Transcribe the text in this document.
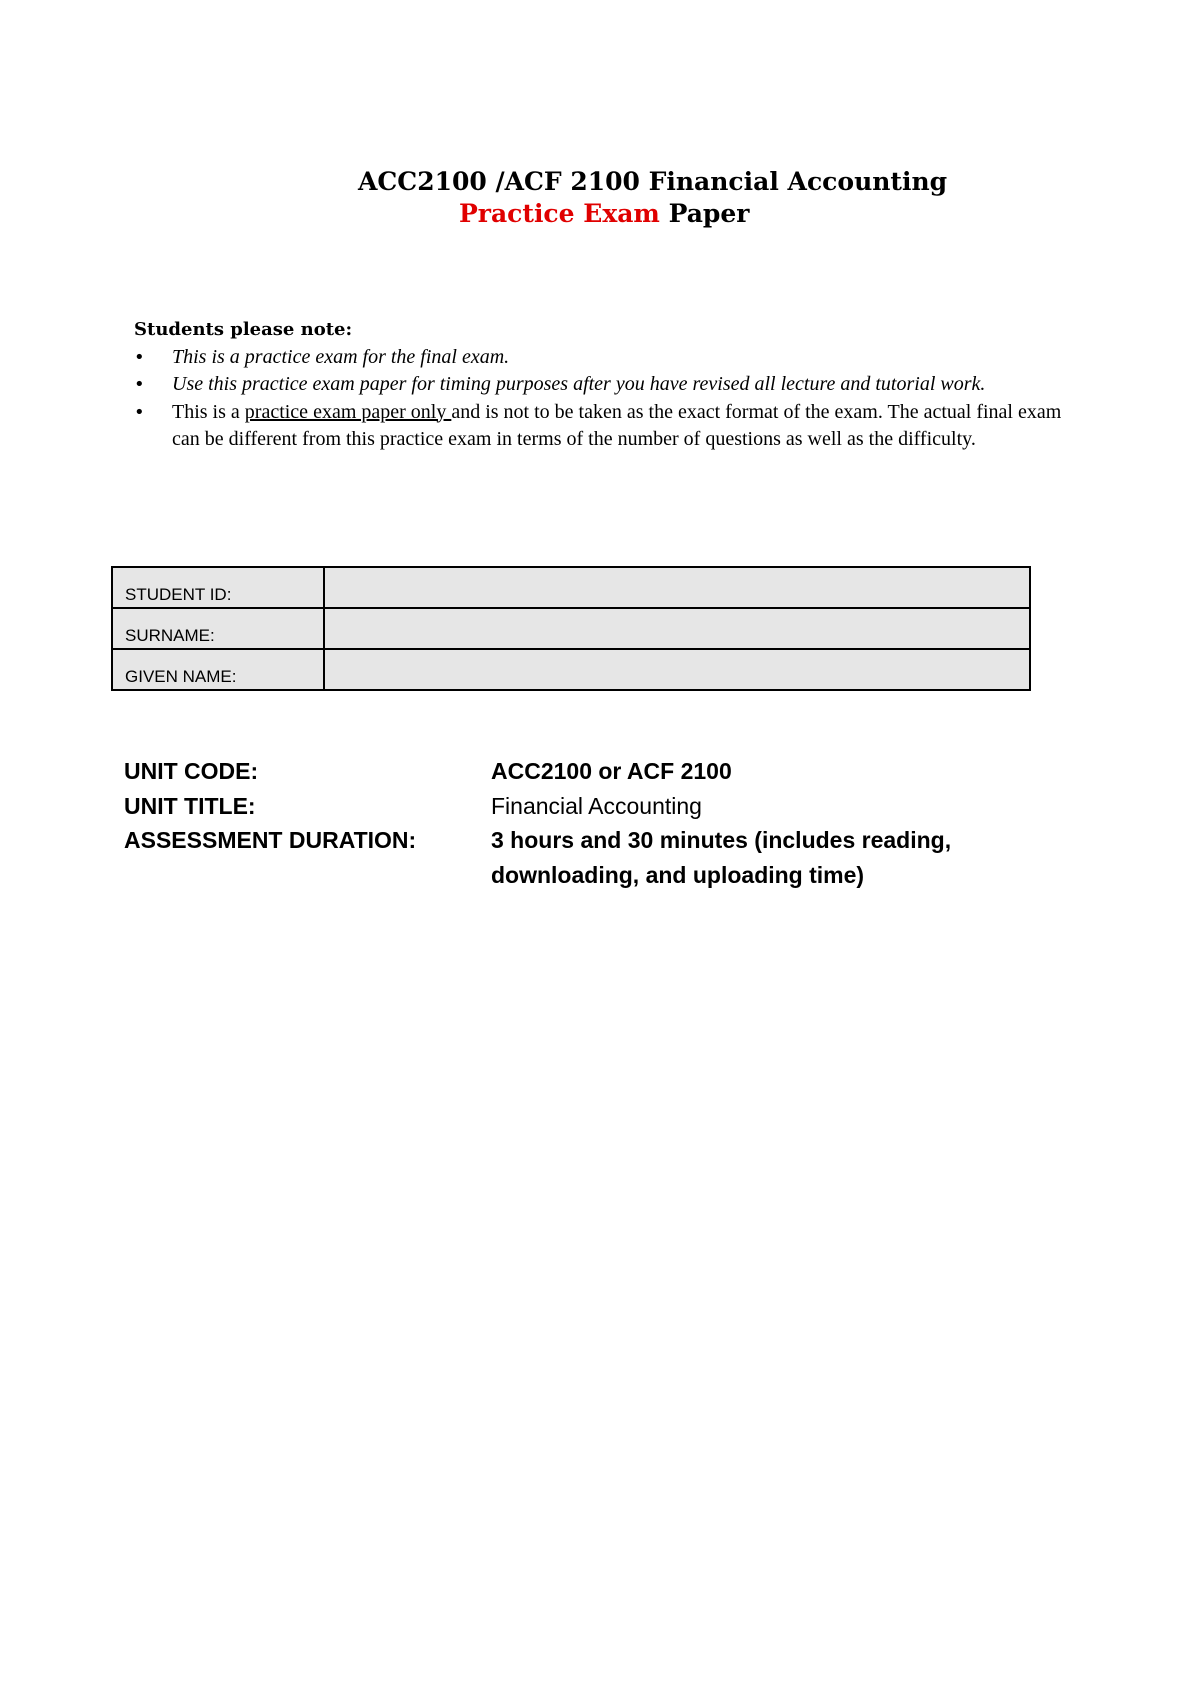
ACC2100 /ACF 2100 Financial Accounting
Practice Exam Paper

Students please note:

• This is a practice exam for the final exam.
• Use this practice exam paper for timing purposes after you have revised all lecture and tutorial work.
• This is a practice exam paper only and is not to be taken as the exact format of the exam. The actual final exam can be different from this practice exam in terms of the number of questions as well as the difficulty.
STUDENT ID:	
SURNAME:	
GIVEN NAME:	
UNIT CODE:	ACC2100 or ACF 2100
UNIT TITLE:	Financial Accounting
ASSESSMENT DURATION:	3 hours and 30 minutes (includes reading, downloading, and uploading time)
